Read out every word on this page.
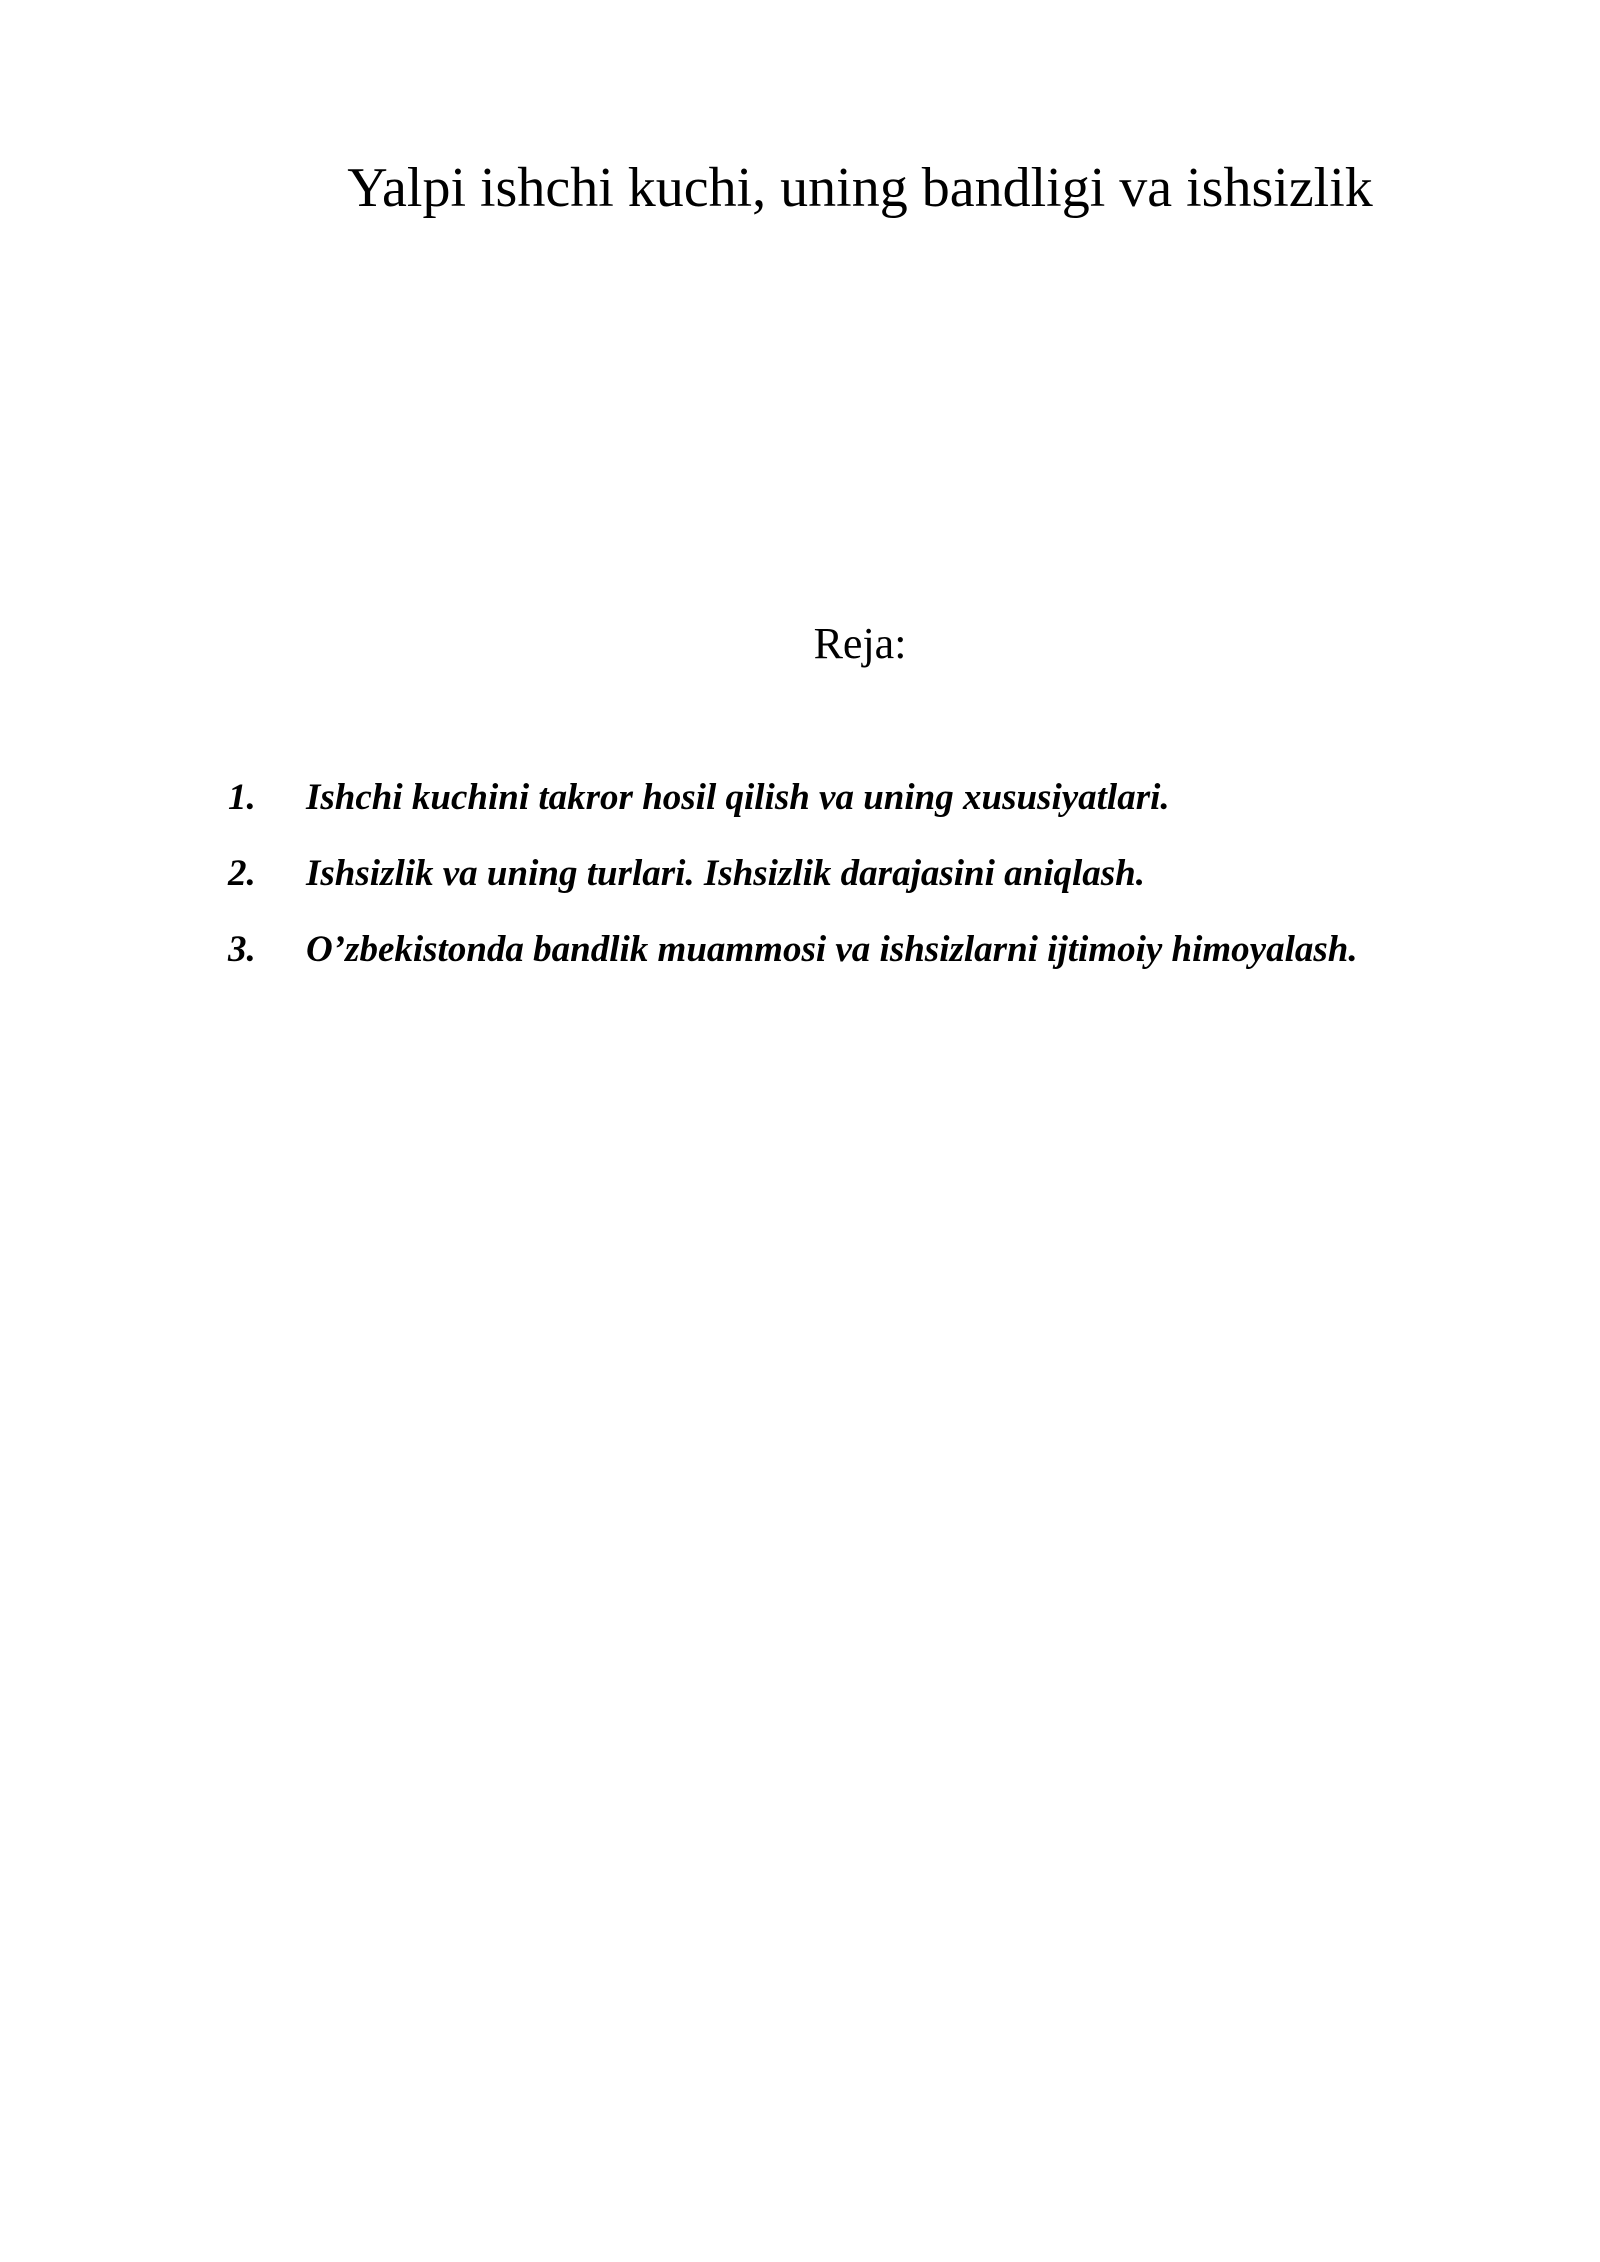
Yalpi ishchi kuchi, uning bandligi va ishsizlik
Reja:
1. Ishchi kuchini takror hosil qilish va uning xususiyatlari.
2. Ishsizlik va uning turlari. Ishsizlik darajasini aniqlash.
3. O’zbekistonda bandlik muammosi va ishsizlarni ijtimoiy himoyalash.
